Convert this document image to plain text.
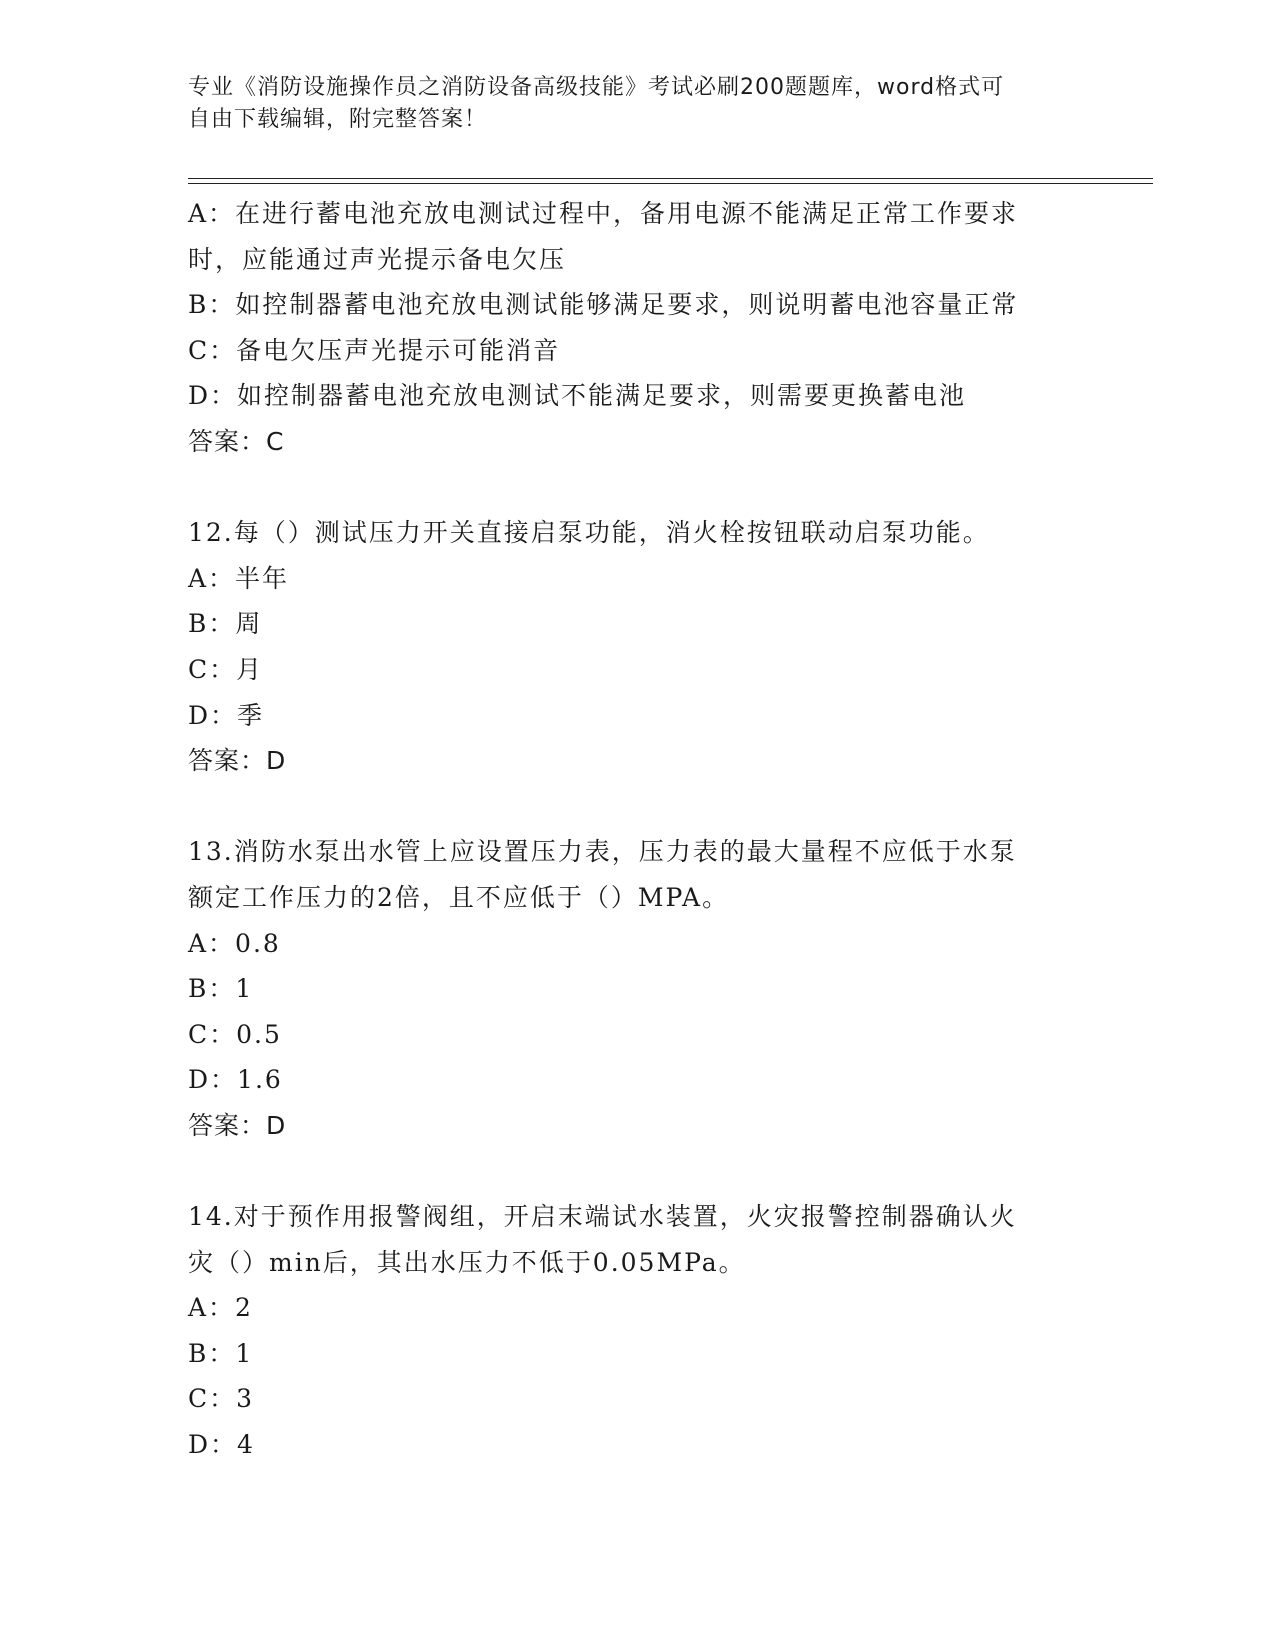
专业《消防设施操作员之消防设备高级技能》考试必刷200题题库，word格式可
自由下载编辑，附完整答案！
A：在进行蓄电池充放电测试过程中，备用电源不能满足正常工作要求
时，应能通过声光提示备电欠压
B：如控制器蓄电池充放电测试能够满足要求，则说明蓄电池容量正常
C：备电欠压声光提示可能消音
D：如控制器蓄电池充放电测试不能满足要求，则需要更换蓄电池
答案：C
12.每（）测试压力开关直接启泵功能，消火栓按钮联动启泵功能。
A：半年
B：周
C：月
D：季
答案：D
13.消防水泵出水管上应设置压力表，压力表的最大量程不应低于水泵
额定工作压力的2倍，且不应低于（）MPA。
A：0.8
B：1
C：0.5
D：1.6
答案：D
14.对于预作用报警阀组，开启末端试水装置，火灾报警控制器确认火
灾（）min后，其出水压力不低于0.05MPa。
A：2
B：1
C：3
D：4
